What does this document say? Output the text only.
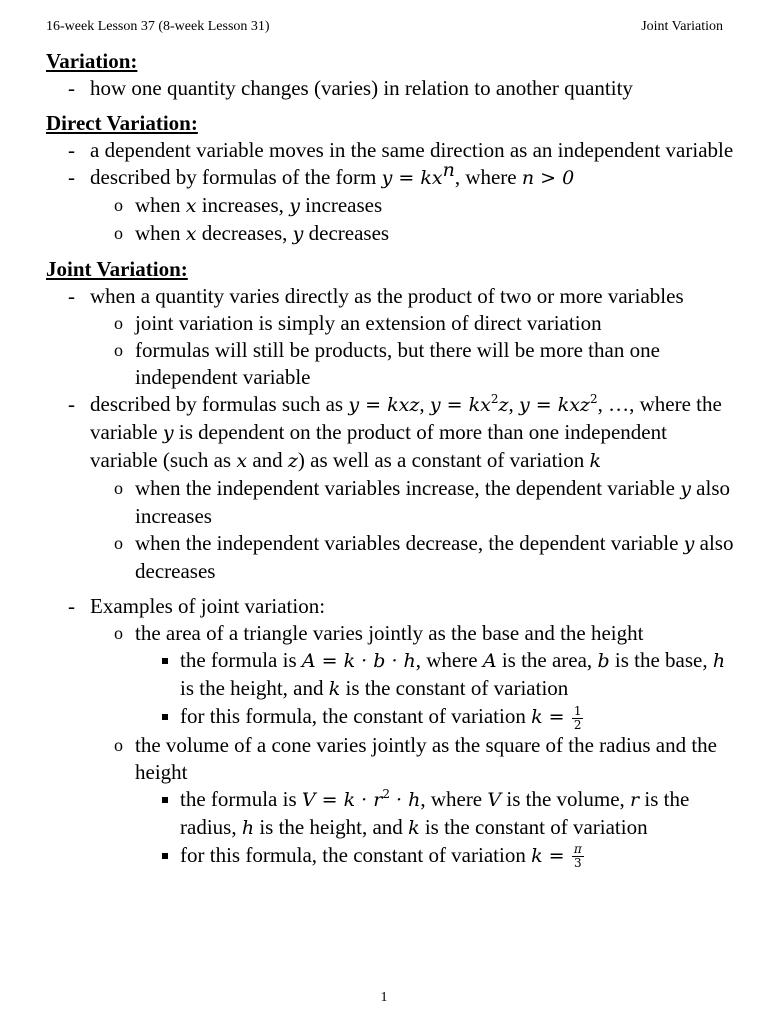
16-week Lesson 37 (8-week Lesson 31)	Joint Variation
Variation:
- how one quantity changes (varies) in relation to another quantity
Direct Variation:
- a dependent variable moves in the same direction as an independent variable
- described by formulas of the form $y = kx^n$, where n > 0
o when x increases, y increases
o when x decreases, y decreases
Joint Variation:
- when a quantity varies directly as the product of two or more variables
o joint variation is simply an extension of direct variation
o formulas will still be products, but there will be more than one independent variable
- described by formulas such as y = kxz, $y = kx^2z$, y = kxz$^2$, …, where the variable y is dependent on the product of more than one independent variable (such as x and z) as well as a constant of variation k
o when the independent variables increase, the dependent variable y also increases
o when the independent variables decrease, the dependent variable y also decreases
- Examples of joint variation:
o the area of a triangle varies jointly as the base and the height
the formula is A = k · b · h, where A is the area, b is the base, h is the height, and k is the constant of variation
for this formula, the constant of variation $k = \frac{1}{2}$
o the volume of a cone varies jointly as the square of the radius and the height
the formula is $V = k \cdot r^2 \cdot h$, where V is the volume, r is the radius, h is the height, and k is the constant of variation
for this formula, the constant of variation $k = \frac{\pi}{3}$
1
